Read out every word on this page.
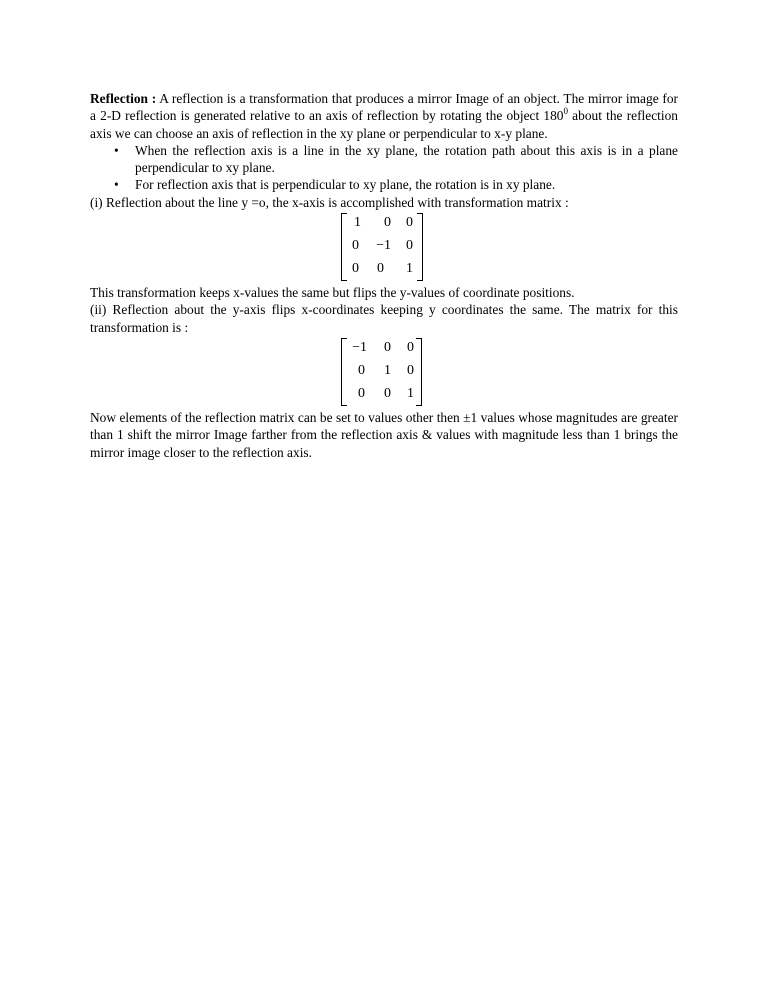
Reflection : A reflection is a transformation that produces a mirror Image of an object. The mirror image for a 2-D reflection is generated relative to an axis of reflection by rotating the object $180^0$ about the reflection axis we can choose an axis of reflection in the xy plane or perpendicular to x-y plane.

• When the reflection axis is a line in the xy plane, the rotation path about this axis is in a plane perpendicular to xy plane.
• For reflection axis that is perpendicular to xy plane, the rotation is in xy plane.

(i) Reflection about the line y =o, the x-axis is accomplished with transformation matrix :

1	0	0
0	−1	0
0	0	1

This transformation keeps x-values the same but flips the y-values of coordinate positions.

(ii) Reflection about the y-axis flips x-coordinates keeping y coordinates the same. The matrix for this transformation is :

−1	0	0
0	1	0
0	0	1

Now elements of the reflection matrix can be set to values other then ±1 values whose magnitudes are greater than 1 shift the mirror Image farther from the reflection axis & values with magnitude less than 1 brings the mirror image closer to the reflection axis.
